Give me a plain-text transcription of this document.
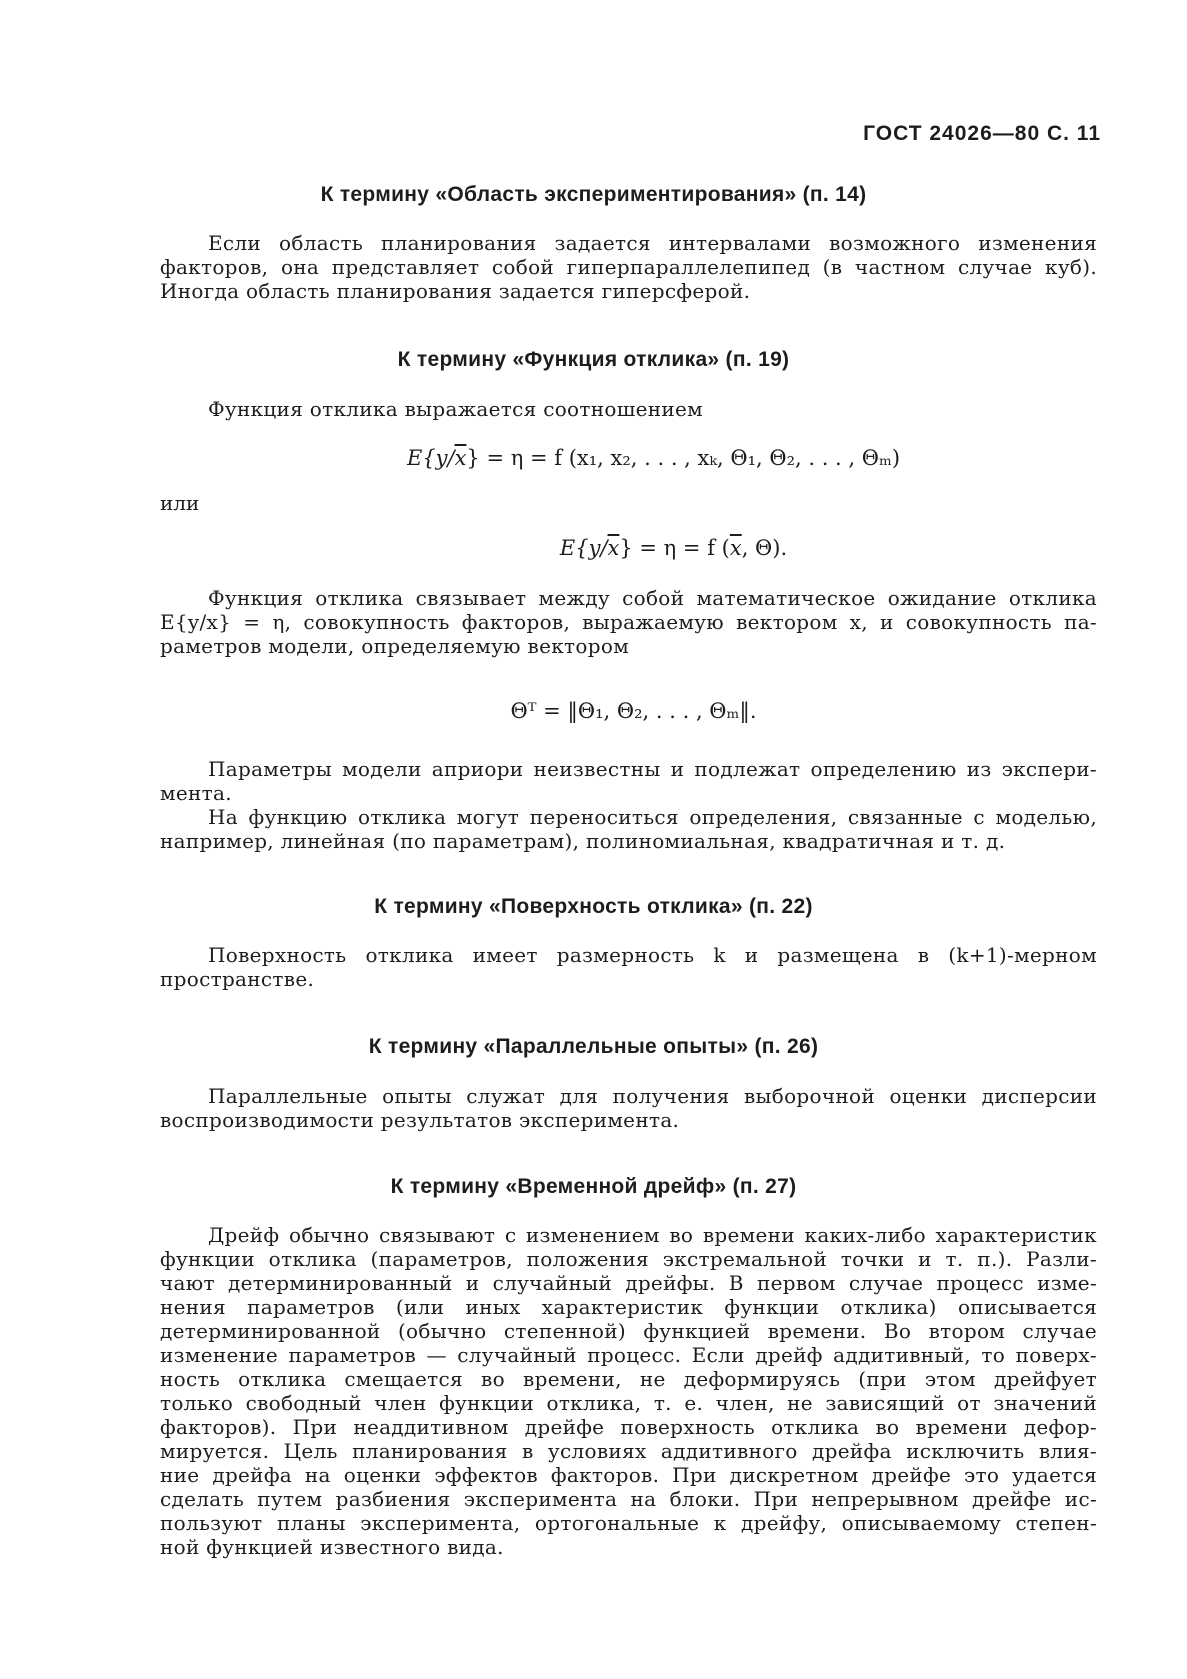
ГОСТ 24026—80 С. 11
К термину «Область экспериментирования» (п. 14)
Если область планирования задается интервалами возможного изменения
факторов, она представляет собой гиперпараллелепипед (в частном случае куб).
Иногда область планирования задается гиперсферой.
К термину «Функция отклика» (п. 19)
Функция отклика выражается соотношением
$E\{y/\overline{x}\} = \eta = f$ (x₁, x₂, . . . , xₖ, Θ₁, Θ₂, . . . , Θₘ)
или
$E\{y/\overline{x}\} = \eta = f$ ($\overline{x}$, Θ).
Функция отклика связывает между собой математическое ожидание отклика
E{y/x} = η, совокупность факторов, выражаемую вектором x, и совокупность па-
раметров модели, определяемую вектором
Θᵀ = ‖Θ₁, Θ₂, . . . , Θₘ‖.
Параметры модели априори неизвестны и подлежат определению из экспери-
мента.
На функцию отклика могут переноситься определения, связанные с моделью,
например, линейная (по параметрам), полиномиальная, квадратичная и т. д.
К термину «Поверхность отклика» (п. 22)
Поверхность отклика имеет размерность k и размещена в (k+1)-мерном
пространстве.
К термину «Параллельные опыты» (п. 26)
Параллельные опыты служат для получения выборочной оценки дисперсии
воспроизводимости результатов эксперимента.
К термину «Временной дрейф» (п. 27)
Дрейф обычно связывают с изменением во времени каких-либо характеристик
функции отклика (параметров, положения экстремальной точки и т. п.). Разли-
чают детерминированный и случайный дрейфы. В первом случае процесс изме-
нения параметров (или иных характеристик функции отклика) описывается
детерминированной (обычно степенной) функцией времени. Во втором случае
изменение параметров — случайный процесс. Если дрейф аддитивный, то поверх-
ность отклика смещается во времени, не деформируясь (при этом дрейфует
только свободный член функции отклика, т. е. член, не зависящий от значений
факторов). При неаддитивном дрейфе поверхность отклика во времени дефор-
мируется. Цель планирования в условиях аддитивного дрейфа исключить влия-
ние дрейфа на оценки эффектов факторов. При дискретном дрейфе это удается
сделать путем разбиения эксперимента на блоки. При непрерывном дрейфе ис-
пользуют планы эксперимента, ортогональные к дрейфу, описываемому степен-
ной функцией известного вида.
